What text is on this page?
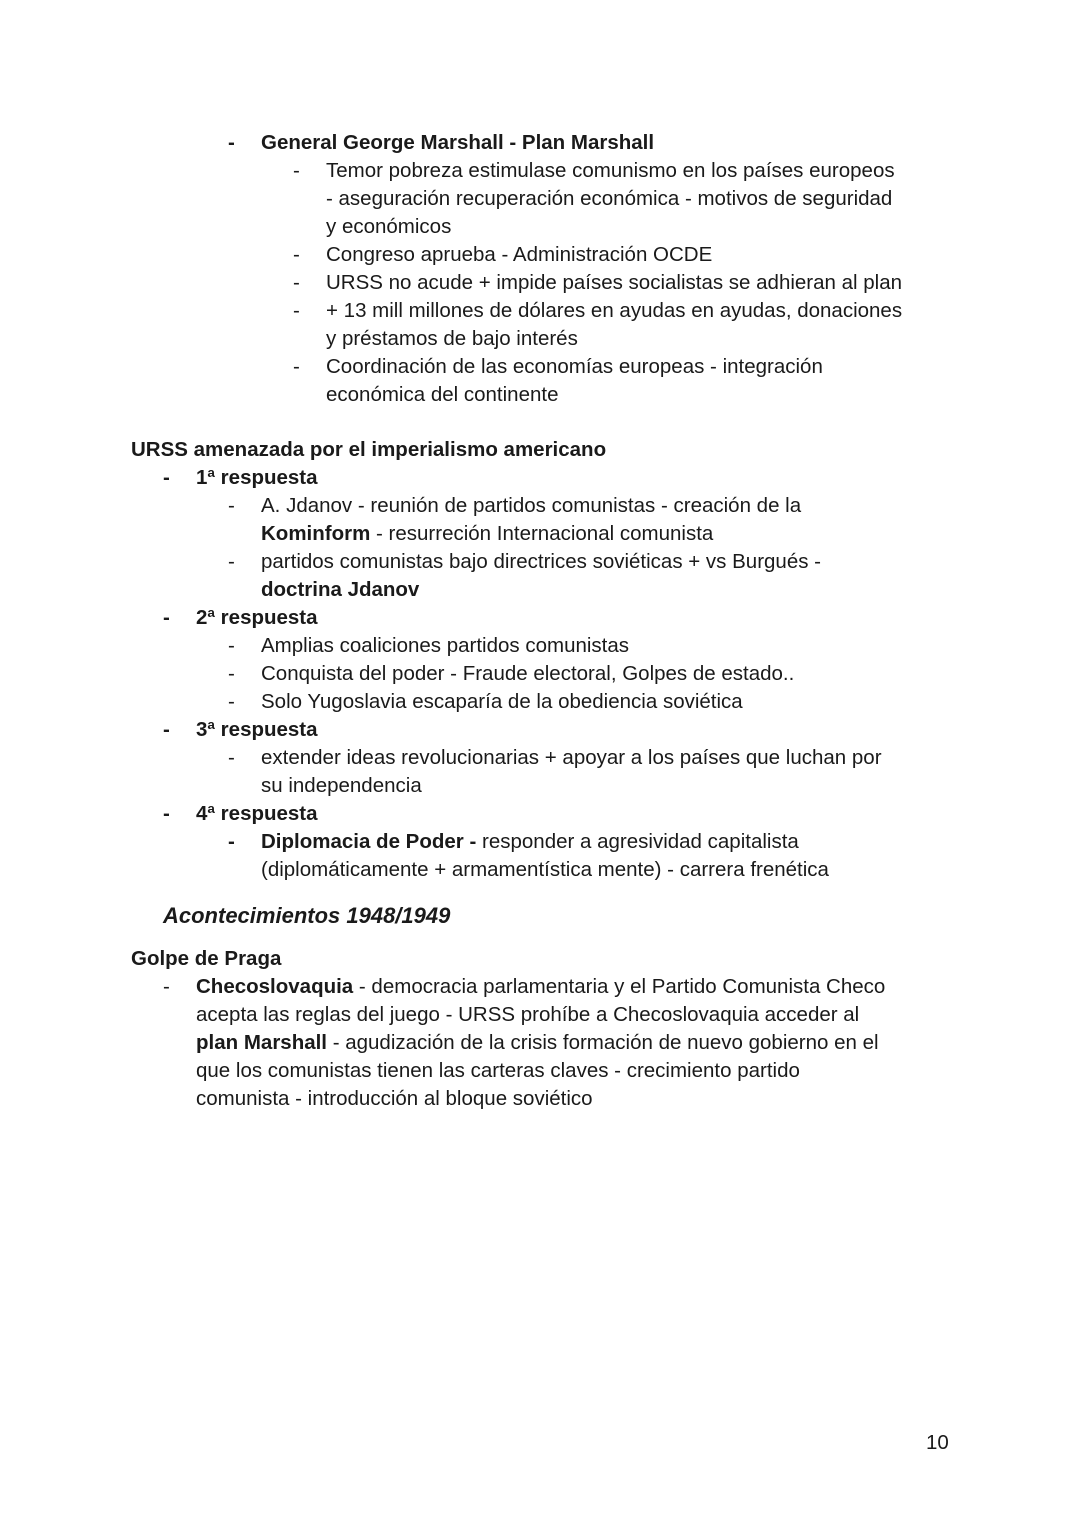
- General George Marshall - Plan Marshall
- Temor pobreza estimulase comunismo en los países europeos
- aseguración recuperación económica - motivos de seguridad
y económicos
- Congreso aprueba - Administración OCDE
- URSS no acude + impide países socialistas se adhieran al plan
- + 13 mill millones de dólares en ayudas en ayudas, donaciones
y préstamos de bajo interés
- Coordinación de las economías europeas - integración
económica del continente
URSS amenazada por el imperialismo americano
- 1ª respuesta
- A. Jdanov - reunión de partidos comunistas - creación de la
Kominform - resurreción Internacional comunista
- partidos comunistas bajo directrices soviéticas + vs Burgués -
doctrina Jdanov
- 2ª respuesta
- Amplias coaliciones partidos comunistas
- Conquista del poder - Fraude electoral, Golpes de estado..
- Solo Yugoslavia escaparía de la obediencia soviética
- 3ª respuesta
- extender ideas revolucionarias + apoyar a los países que luchan por
su independencia
- 4ª respuesta
- Diplomacia de Poder - responder a agresividad capitalista
(diplomáticamente + armamentística mente) - carrera frenética
Acontecimientos 1948/1949
Golpe de Praga
- Checoslovaquia - democracia parlamentaria y el Partido Comunista Checo
acepta las reglas del juego - URSS prohíbe a Checoslovaquia acceder al
plan Marshall - agudización de la crisis formación de nuevo gobierno en el
que los comunistas tienen las carteras claves - crecimiento partido
comunista - introducción al bloque soviético
10
